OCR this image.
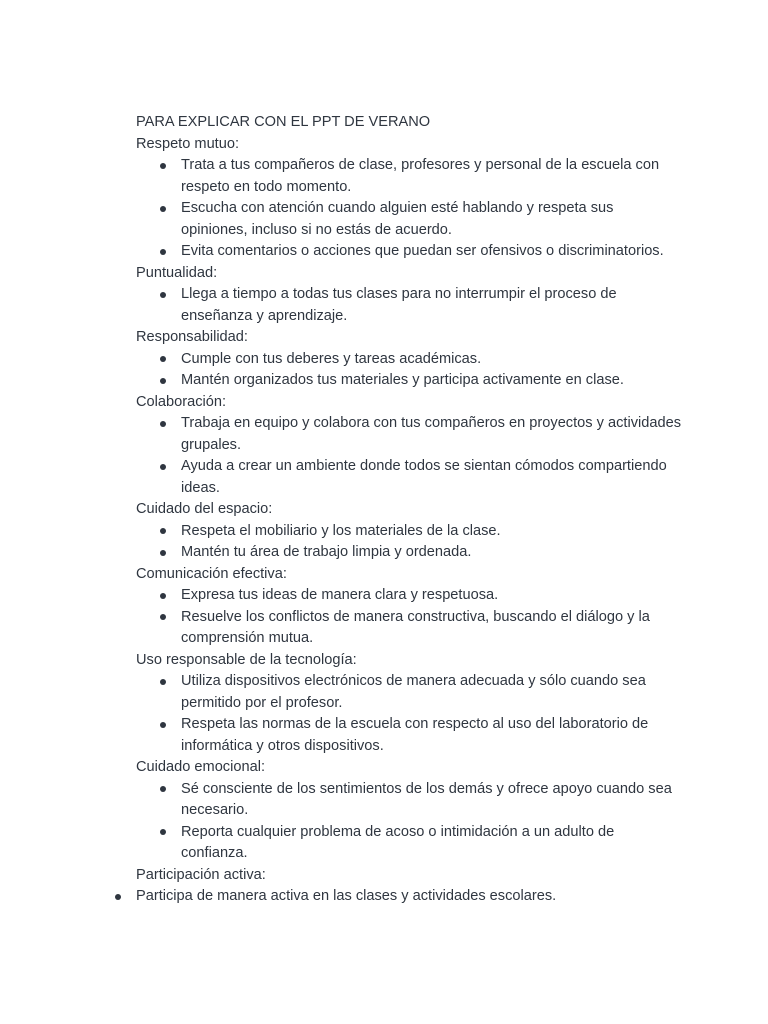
PARA EXPLICAR CON EL PPT DE VERANO

Respeto mutuo:

Trata a tus compañeros de clase, profesores y personal de la escuela con respeto en todo momento.
Escucha con atención cuando alguien esté hablando y respeta sus opiniones, incluso si no estás de acuerdo.
Evita comentarios o acciones que puedan ser ofensivos o discriminatorios.

Puntualidad:

Llega a tiempo a todas tus clases para no interrumpir el proceso de enseñanza y aprendizaje.

Responsabilidad:

Cumple con tus deberes y tareas académicas.
Mantén organizados tus materiales y participa activamente en clase.

Colaboración:

Trabaja en equipo y colabora con tus compañeros en proyectos y actividades grupales.
Ayuda a crear un ambiente donde todos se sientan cómodos compartiendo ideas.

Cuidado del espacio:

Respeta el mobiliario y los materiales de la clase.
Mantén tu área de trabajo limpia y ordenada.

Comunicación efectiva:

Expresa tus ideas de manera clara y respetuosa.
Resuelve los conflictos de manera constructiva, buscando el diálogo y la comprensión mutua.

Uso responsable de la tecnología:

Utiliza dispositivos electrónicos de manera adecuada y sólo cuando sea permitido por el profesor.
Respeta las normas de la escuela con respecto al uso del laboratorio de informática y otros dispositivos.

Cuidado emocional:

Sé consciente de los sentimientos de los demás y ofrece apoyo cuando sea necesario.
Reporta cualquier problema de acoso o intimidación a un adulto de confianza.

Participación activa:

Participa de manera activa en las clases y actividades escolares.
